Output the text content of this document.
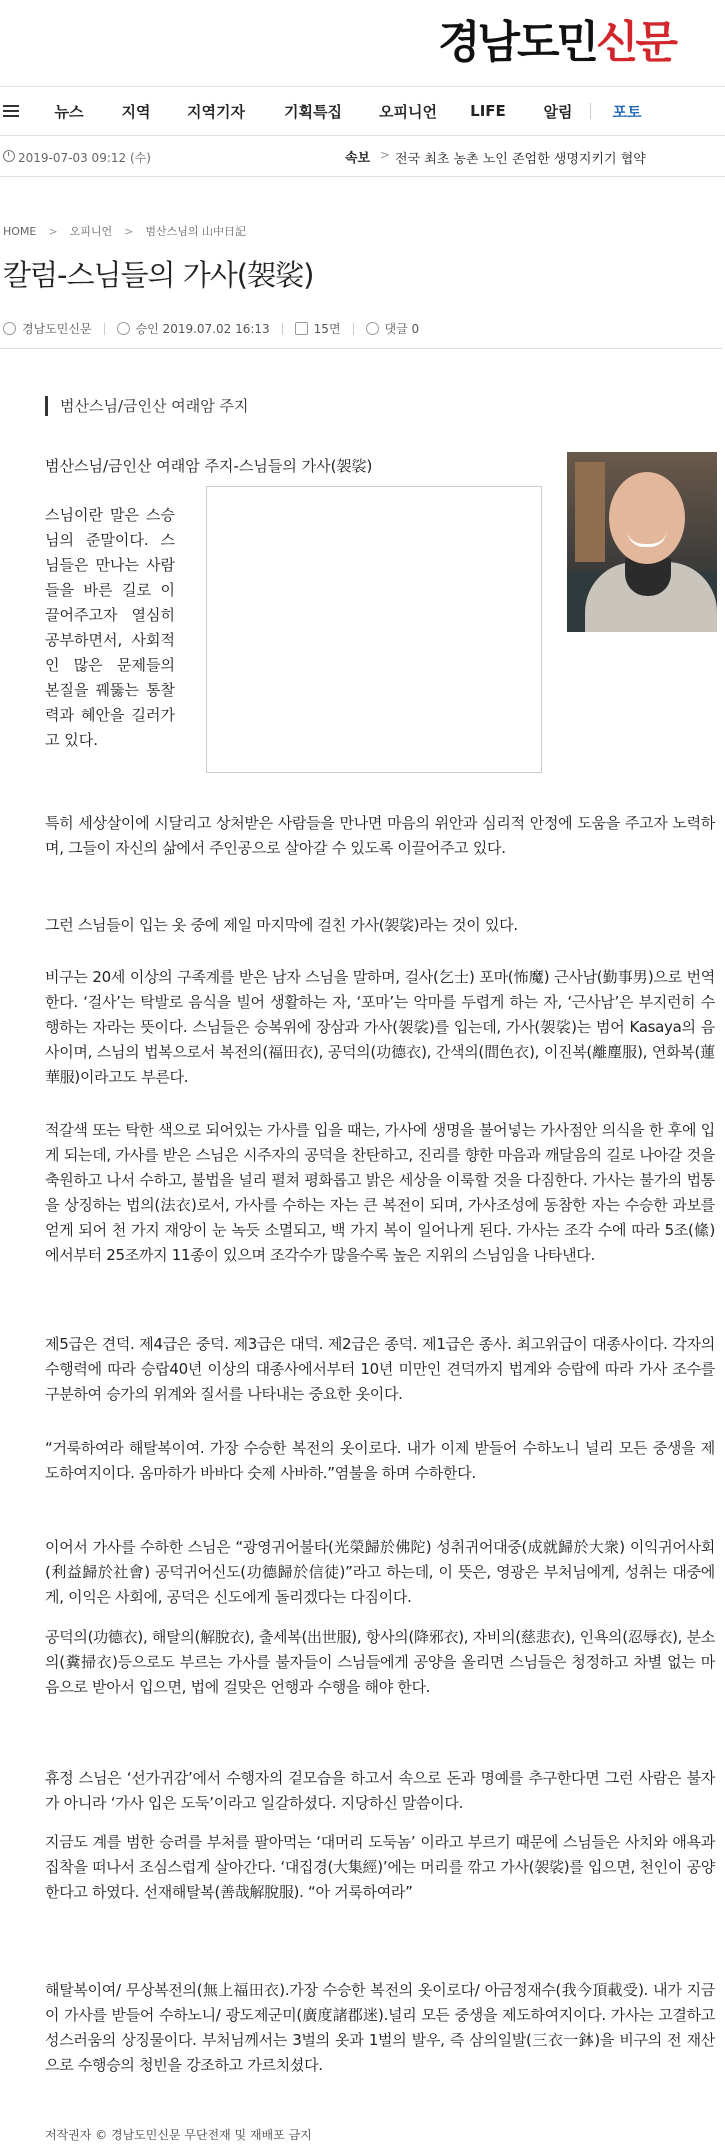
경남도민신문
뉴스	지역	지역기자	기획특집	오피니언	LIFE	알림	포토
2019-07-03 09:12 (수)	속보 > 전국 최초 농촌 노인 존엄한 생명지키기 협약
HOME > 오피니언 > 범산스님의 山中日記
칼럼-스님들의 가사(袈裟)
경남도민신문	승인 2019.07.02 16:13	15면	댓글 0
범산스님/금인산 여래암 주지
범산스님/금인산 여래암 주지-스님들의 가사(袈裟)

스님이란 말은 스승님의 준말이다. 스님들은 만나는 사람들을 바른 길로 이끌어주고자 열심히 공부하면서, 사회적인 많은 문제들의 본질을 꿰뚫는 통찰력과 혜안을 길러가고 있다.

특히 세상살이에 시달리고 상처받은 사람들을 만나면 마음의 위안과 심리적 안정에 도움을 주고자 노력하며, 그들이 자신의 삶에서 주인공으로 살아갈 수 있도록 이끌어주고 있다.

그런 스님들이 입는 옷 중에 제일 마지막에 걸친 가사(袈裟)라는 것이 있다.

비구는 20세 이상의 구족계를 받은 남자 스님을 말하며, 걸사(乞士) 포마(怖魔) 근사남(勤事男)으로 번역한다. ‘걸사’는 탁발로 음식을 빌어 생활하는 자, ‘포마’는 악마를 두렵게 하는 자, ‘근사남’은 부지런히 수행하는 자라는 뜻이다. 스님들은 승복위에 장삼과 가사(袈裟)를 입는데, 가사(袈裟)는 범어 Kasaya의 음사이며, 스님의 법복으로서 복전의(福田衣), 공덕의(功德衣), 간색의(間色衣), 이진복(離塵服), 연화복(蓮華服)이라고도 부른다.

적갈색 또는 탁한 색으로 되어있는 가사를 입을 때는, 가사에 생명을 불어넣는 가사점안 의식을 한 후에 입게 되는데, 가사를 받은 스님은 시주자의 공덕을 찬탄하고, 진리를 향한 마음과 깨달음의 길로 나아갈 것을 축원하고 나서 수하고, 불법을 널리 펼쳐 평화롭고 밝은 세상을 이룩할 것을 다짐한다. 가사는 불가의 법통을 상징하는 법의(法衣)로서, 가사를 수하는 자는 큰 복전이 되며, 가사조성에 동참한 자는 수승한 과보를 얻게 되어 천 가지 재앙이 눈 녹듯 소멸되고, 백 가지 복이 일어나게 된다. 가사는 조각 수에 따라 5조(絛)에서부터 25조까지 11종이 있으며 조각수가 많을수록 높은 지위의 스님임을 나타낸다.

제5급은 견덕. 제4급은 중덕. 제3급은 대덕. 제2급은 종덕. 제1급은 종사. 최고위급이 대종사이다. 각자의 수행력에 따라 승랍40년 이상의 대종사에서부터 10년 미만인 견덕까지 법계와 승랍에 따라 가사 조수를 구분하여 승가의 위계와 질서를 나타내는 중요한 옷이다.

“거룩하여라 해탈복이여. 가장 수승한 복전의 옷이로다. 내가 이제 받들어 수하노니 널리 모든 중생을 제도하여지이다. 옴마하가 바바다 숫제 사바하.”염불을 하며 수하한다.

이어서 가사를 수하한 스님은 “광영귀어불타(光榮歸於佛陀) 성취귀어대중(成就歸於大衆) 이익귀어사회(利益歸於社會) 공덕귀어신도(功德歸於信徒)”라고 하는데, 이 뜻은, 영광은 부처님에게, 성취는 대중에게, 이익은 사회에, 공덕은 신도에게 돌리겠다는 다짐이다.

공덕의(功德衣), 해탈의(解脫衣), 출세복(出世服), 항사의(降邪衣), 자비의(慈悲衣), 인욕의(忍辱衣), 분소의(糞掃衣)등으로도 부르는 가사를 불자들이 스님들에게 공양을 올리면 스님들은 청정하고 차별 없는 마음으로 받아서 입으면, 법에 걸맞은 언행과 수행을 해야 한다.

휴정 스님은 ‘선가귀감’에서 수행자의 겉모습을 하고서 속으로 돈과 명예를 추구한다면 그런 사람은 불자가 아니라 ‘가사 입은 도둑’이라고 일갈하셨다. 지당하신 말씀이다.

지금도 계를 범한 승려를 부처를 팔아먹는 ‘대머리 도둑놈’ 이라고 부르기 때문에 스님들은 사치와 애욕과 집착을 떠나서 조심스럽게 살아간다. ‘대집경(大集經)’에는 머리를 깎고 가사(袈裟)를 입으면, 천인이 공양한다고 하였다. 선재해탈복(善哉解脫服). “아 거룩하여라”

해탈복이여/ 무상복전의(無上福田衣).가장 수승한 복전의 옷이로다/ 아금정재수(我今頂載受). 내가 지금 이 가사를 받들어 수하노니/ 광도제군미(廣度諸郡迷).널리 모든 중생을 제도하여지이다. 가사는 고결하고 성스러움의 상징물이다. 부처님께서는 3벌의 옷과 1벌의 발우, 즉 삼의일발(三衣一鉢)을 비구의 전 재산으로 수행승의 청빈을 강조하고 가르치셨다.

저작권자 © 경남도민신문 무단전재 및 재배포 금지
